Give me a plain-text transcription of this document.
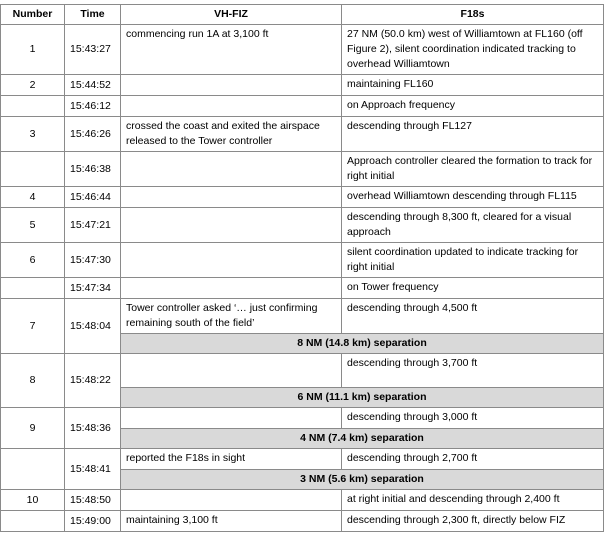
Number	Time	VH-FIZ	F18s
1	15:43:27	commencing run 1A at 3,100 ft	27 NM (50.0 km) west of Williamtown at FL160 (off Figure 2), silent coordination indicated tracking to overhead Williamtown
2	15:44:52		maintaining FL160
	15:46:12		on Approach frequency
3	15:46:26	crossed the coast and exited the airspace released to the Tower controller	descending through FL127
	15:46:38		Approach controller cleared the formation to track for right initial
4	15:46:44		overhead Williamtown descending through FL115
5	15:47:21		descending through 8,300 ft, cleared for a visual approach
6	15:47:30		silent coordination updated to indicate tracking for right initial
	15:47:34		on Tower frequency
7	15:48:04	Tower controller asked ‘… just confirming remaining south of the field’	descending through 4,500 ft
		8 NM (14.8 km) separation	
8	15:48:22		descending through 3,700 ft
		6 NM (11.1 km) separation	
9	15:48:36		descending through 3,000 ft
		4 NM (7.4 km) separation	
	15:48:41	reported the F18s in sight	descending through 2,700 ft
		3 NM (5.6 km) separation	
10	15:48:50		at right initial and descending through 2,400 ft
	15:49:00	maintaining 3,100 ft	descending through 2,300 ft, directly below FIZ
